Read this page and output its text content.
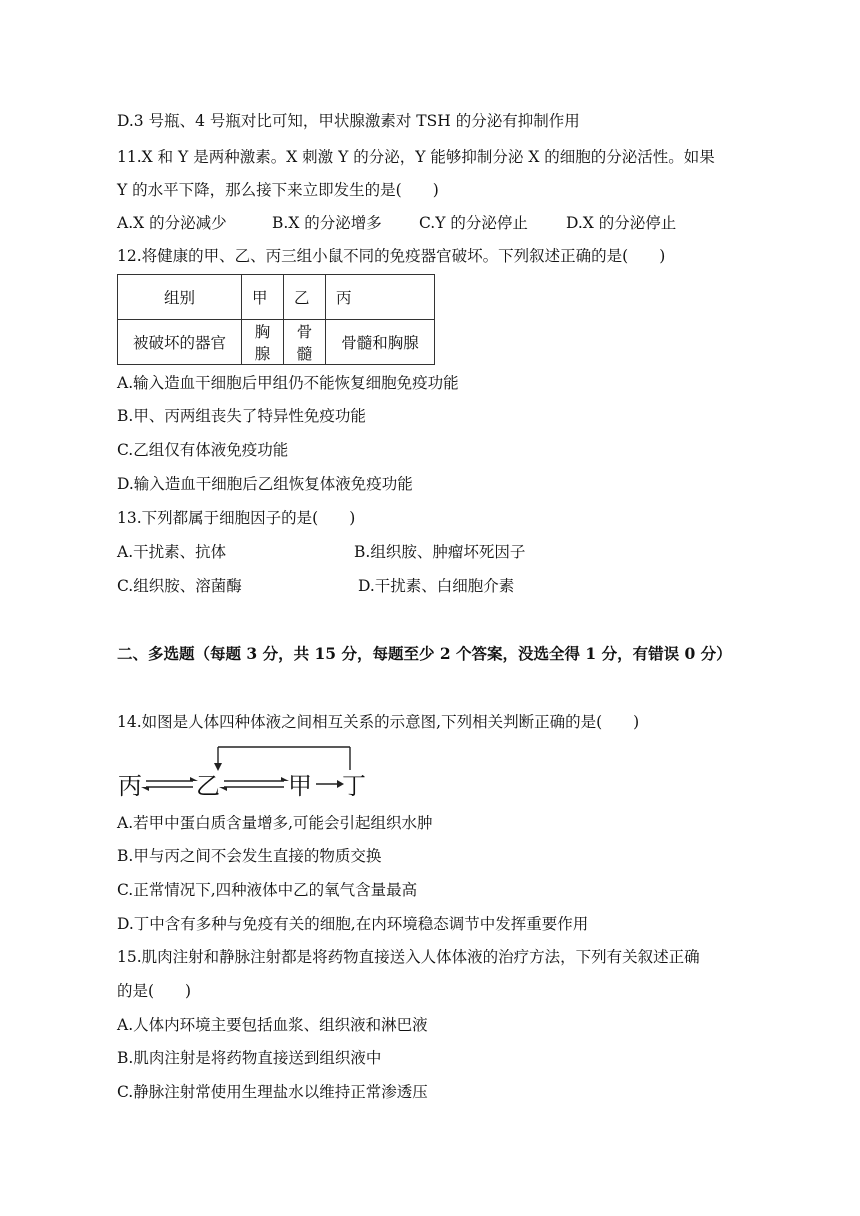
D.3 号瓶、4 号瓶对比可知，甲状腺激素对 TSH 的分泌有抑制作用
11.X 和 Y 是两种激素。X 刺激 Y 的分泌，Y 能够抑制分泌 X 的细胞的分泌活性。如果
Y 的水平下降，那么接下来立即发生的是(　　)
A.X 的分泌减少	B.X 的分泌增多 C.Y 的分泌停止 D.X 的分泌停止
12.将健康的甲、乙、丙三组小鼠不同的免疫器官破坏。下列叙述正确的是(　　)
组别	甲	乙	丙
被破坏的器官	胸腺	骨髓	骨髓和胸腺
A.输入造血干细胞后甲组仍不能恢复细胞免疫功能
B.甲、丙两组丧失了特异性免疫功能
C.乙组仅有体液免疫功能
D.输入造血干细胞后乙组恢复体液免疫功能
13.下列都属于细胞因子的是(　　)
A.干扰素、抗体	B.组织胺、肿瘤坏死因子
C.组织胺、溶菌酶	D.干扰素、白细胞介素
二、多选题（每题 3 分，共 15 分，每题至少 2 个答案，没选全得 1 分，有错误 0 分）
14.如图是人体四种体液之间相互关系的示意图,下列相关判断正确的是(　　)
丙 乙	甲 丁
A.若甲中蛋白质含量增多,可能会引起组织水肿
B.甲与丙之间不会发生直接的物质交换
C.正常情况下,四种液体中乙的氧气含量最高
D.丁中含有多种与免疫有关的细胞,在内环境稳态调节中发挥重要作用
15.肌肉注射和静脉注射都是将药物直接送入人体体液的治疗方法，下列有关叙述正确
的是(　　)
A.人体内环境主要包括血浆、组织液和淋巴液
B.肌肉注射是将药物直接送到组织液中
C.静脉注射常使用生理盐水以维持正常渗透压
